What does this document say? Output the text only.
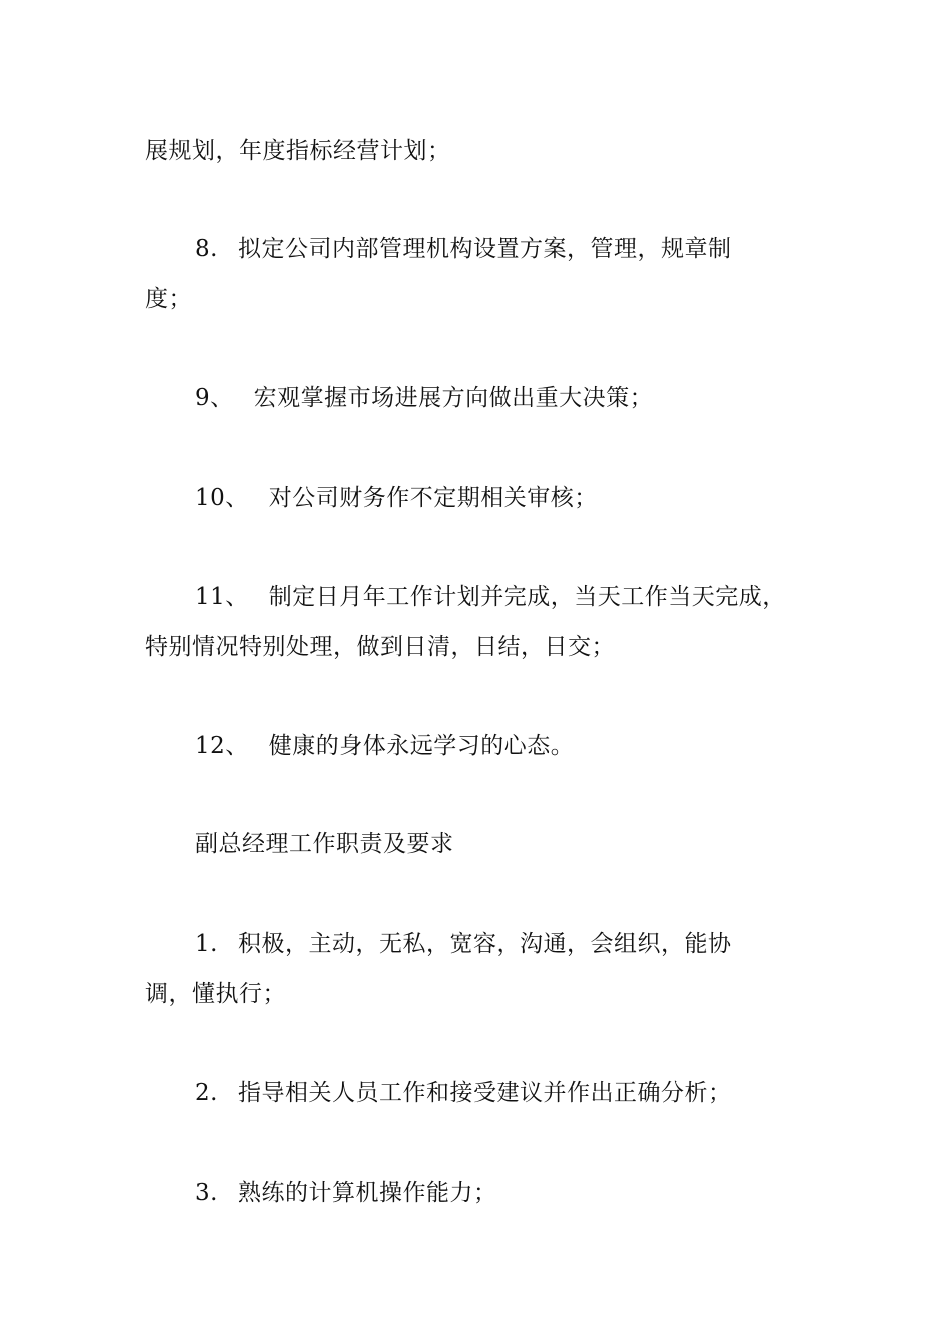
展规划，年度指标经营计划；
8. 拟定公司内部管理机构设置方案，管理，规章制
度；
9、 宏观掌握市场进展方向做出重大决策；
10、 对公司财务作不定期相关审核；
11、 制定日月年工作计划并完成，当天工作当天完成，
特别情况特别处理，做到日清，日结，日交；
12、 健康的身体永远学习的心态。
副总经理工作职责及要求
1. 积极，主动，无私，宽容，沟通，会组织，能协
调，懂执行；
2. 指导相关人员工作和接受建议并作出正确分析；
3. 熟练的计算机操作能力；
